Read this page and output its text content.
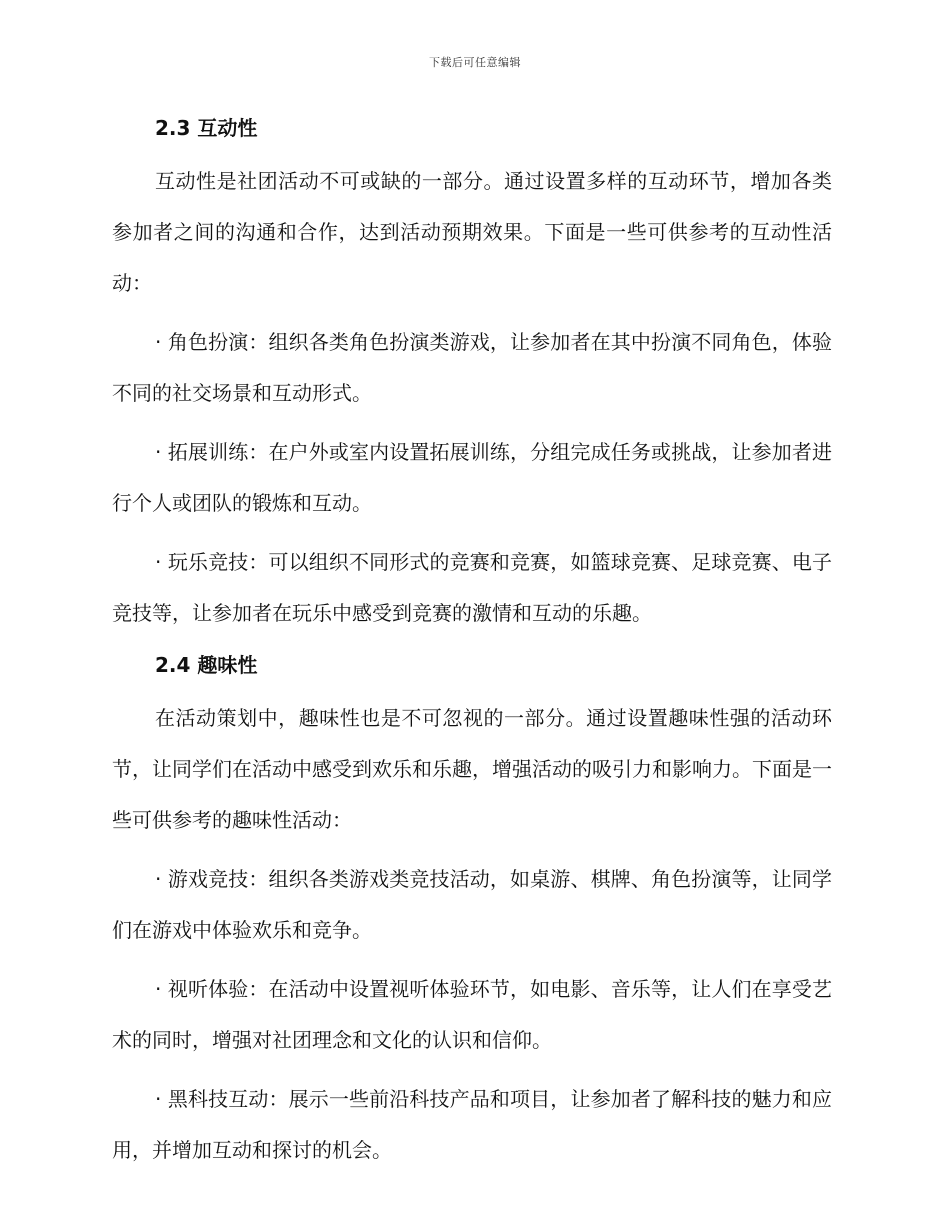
下载后可任意编辑
2.3 互动性

互动性是社团活动不可或缺的一部分。通过设置多样的互动环节，增加各类参加者之间的沟通和合作，达到活动预期效果。下面是一些可供参考的互动性活动：

· 角色扮演：组织各类角色扮演类游戏，让参加者在其中扮演不同角色，体验不同的社交场景和互动形式。

· 拓展训练：在户外或室内设置拓展训练，分组完成任务或挑战，让参加者进行个人或团队的锻炼和互动。

· 玩乐竞技：可以组织不同形式的竞赛和竞赛，如篮球竞赛、足球竞赛、电子竞技等，让参加者在玩乐中感受到竞赛的激情和互动的乐趣。

2.4 趣味性

在活动策划中，趣味性也是不可忽视的一部分。通过设置趣味性强的活动环节，让同学们在活动中感受到欢乐和乐趣，增强活动的吸引力和影响力。下面是一些可供参考的趣味性活动：

· 游戏竞技：组织各类游戏类竞技活动，如桌游、棋牌、角色扮演等，让同学们在游戏中体验欢乐和竞争。

· 视听体验：在活动中设置视听体验环节，如电影、音乐等，让人们在享受艺术的同时，增强对社团理念和文化的认识和信仰。

· 黑科技互动：展示一些前沿科技产品和项目，让参加者了解科技的魅力和应用，并增加互动和探讨的机会。
